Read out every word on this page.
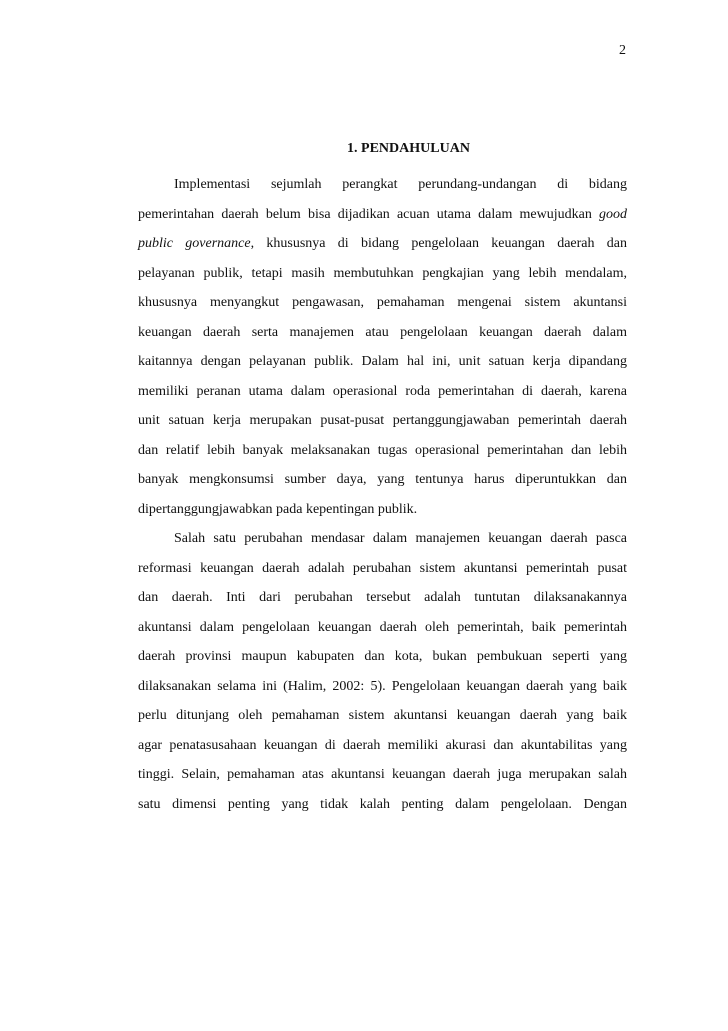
2
1. PENDAHULUAN
Implementasi sejumlah perangkat perundang-undangan di bidang
pemerintahan daerah belum bisa dijadikan acuan utama dalam mewujudkan good
public governance, khususnya di bidang pengelolaan keuangan daerah dan
pelayanan publik, tetapi masih membutuhkan pengkajian yang lebih mendalam,
khususnya menyangkut pengawasan, pemahaman mengenai sistem akuntansi
keuangan daerah serta manajemen atau pengelolaan keuangan daerah dalam
kaitannya dengan pelayanan publik. Dalam hal ini, unit satuan kerja dipandang
memiliki peranan utama dalam operasional roda pemerintahan di daerah, karena
unit satuan kerja merupakan pusat-pusat pertanggungjawaban pemerintah daerah
dan relatif lebih banyak melaksanakan tugas operasional pemerintahan dan lebih
banyak mengkonsumsi sumber daya, yang tentunya harus diperuntukkan dan
dipertanggungjawabkan pada kepentingan publik.
Salah satu perubahan mendasar dalam manajemen keuangan daerah pasca
reformasi keuangan daerah adalah perubahan sistem akuntansi pemerintah pusat
dan daerah. Inti dari perubahan tersebut adalah tuntutan dilaksanakannya
akuntansi dalam pengelolaan keuangan daerah oleh pemerintah, baik pemerintah
daerah provinsi maupun kabupaten dan kota, bukan pembukuan seperti yang
dilaksanakan selama ini (Halim, 2002: 5). Pengelolaan keuangan daerah yang baik
perlu ditunjang oleh pemahaman sistem akuntansi keuangan daerah yang baik
agar penatasusahaan keuangan di daerah memiliki akurasi dan akuntabilitas yang
tinggi. Selain, pemahaman atas akuntansi keuangan daerah juga merupakan salah
satu dimensi penting yang tidak kalah penting dalam pengelolaan. Dengan
